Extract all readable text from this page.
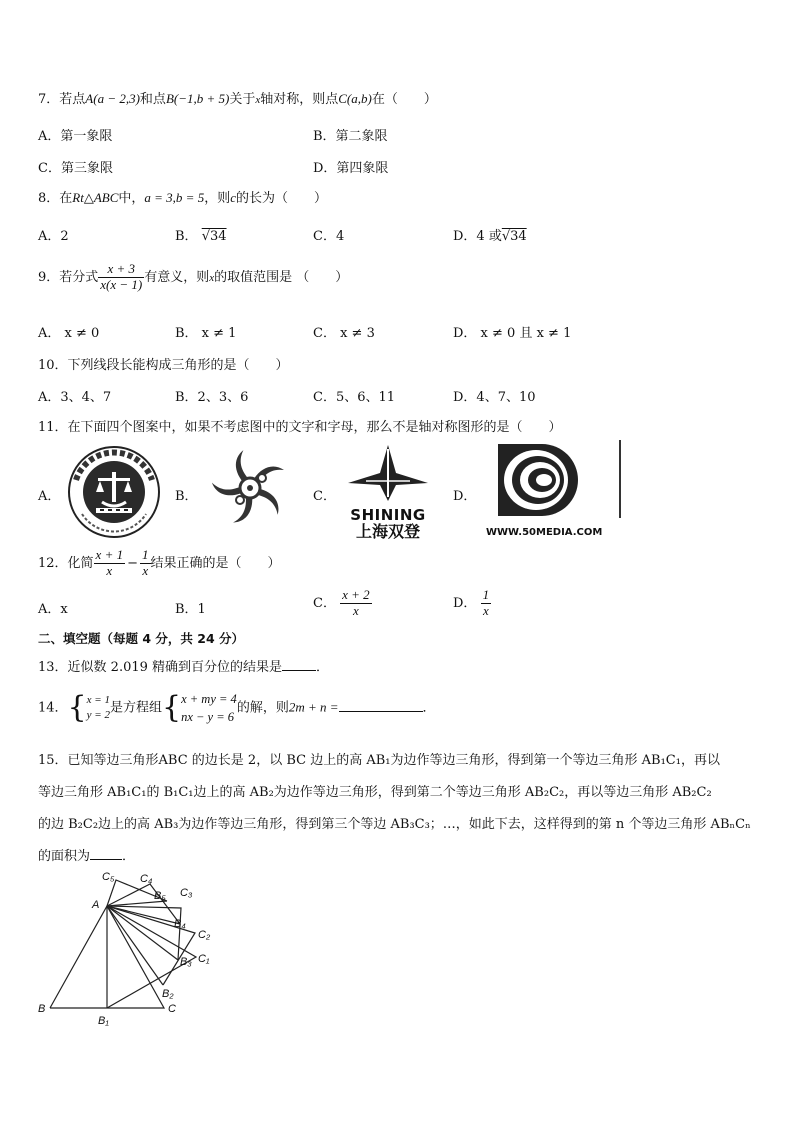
7．若点A(a − 2,3)和点B(−1,b + 5)关于x轴对称，则点C(a,b)在（　　）
A．第一象限	B．第二象限
C．第三象限	D．第四象限
8．在Rt△ABC中，a = 3,b = 5，则c的长为（　　）
A．2	B． √34	C．4	D．4 或√34
9．若分式 $\frac{x + 3}{x(x - 1)}$ 有意义，则x的取值范围是 （　　）
A． x ≠ 0	B． x ≠ 1	C． x ≠ 3	D． x ≠ 0 且 x ≠ 1
10．下列线段长能构成三角形的是（　　）
A．3、4、7	B．2、3、6	C．5、6、11	D．4、7、10
11．在下面四个图案中，如果不考虑图中的文字和字母，那么不是轴对称图形的是（　　）
A．	B．	C．	D．
SHINING
上海双登	WWW.50MEDIA.COM
12．化简 $\frac{x + 1}{x} - \frac{1}{x}$ 结果正确的是（　　）
A．x	B．1	C． $\frac{x + 2}{x}$	D． $\frac{1}{x}$
二、填空题（每题 4 分，共 24 分）
13．近似数 2.019 精确到百分位的结果是	．
14．{ x = 1
y = 2 是方程组{ x + my = 4
nx − y = 6
的解，则2m + n =	．
15．已知等边三角形ABC 的边长是 2，以 BC 边上的高 AB₁为边作等边三角形，得到第一个等边三角形 AB₁C₁，再以
等边三角形 AB₁C₁的 B₁C₁边上的高 AB₂为边作等边三角形，得到第二个等边三角形 AB₂C₂，再以等边三角形 AB₂C₂
的边 B₂C₂边上的高 AB₃为边作等边三角形，得到第三个等边 AB₃C₃；…，如此下去，这样得到的第 n 个等边三角形 ABₙCₙ
的面积为 ．
A
B	C
B₁
C₁
B₂
C₂
B₃
C₃
B₄
C₄
B₅
C₅
